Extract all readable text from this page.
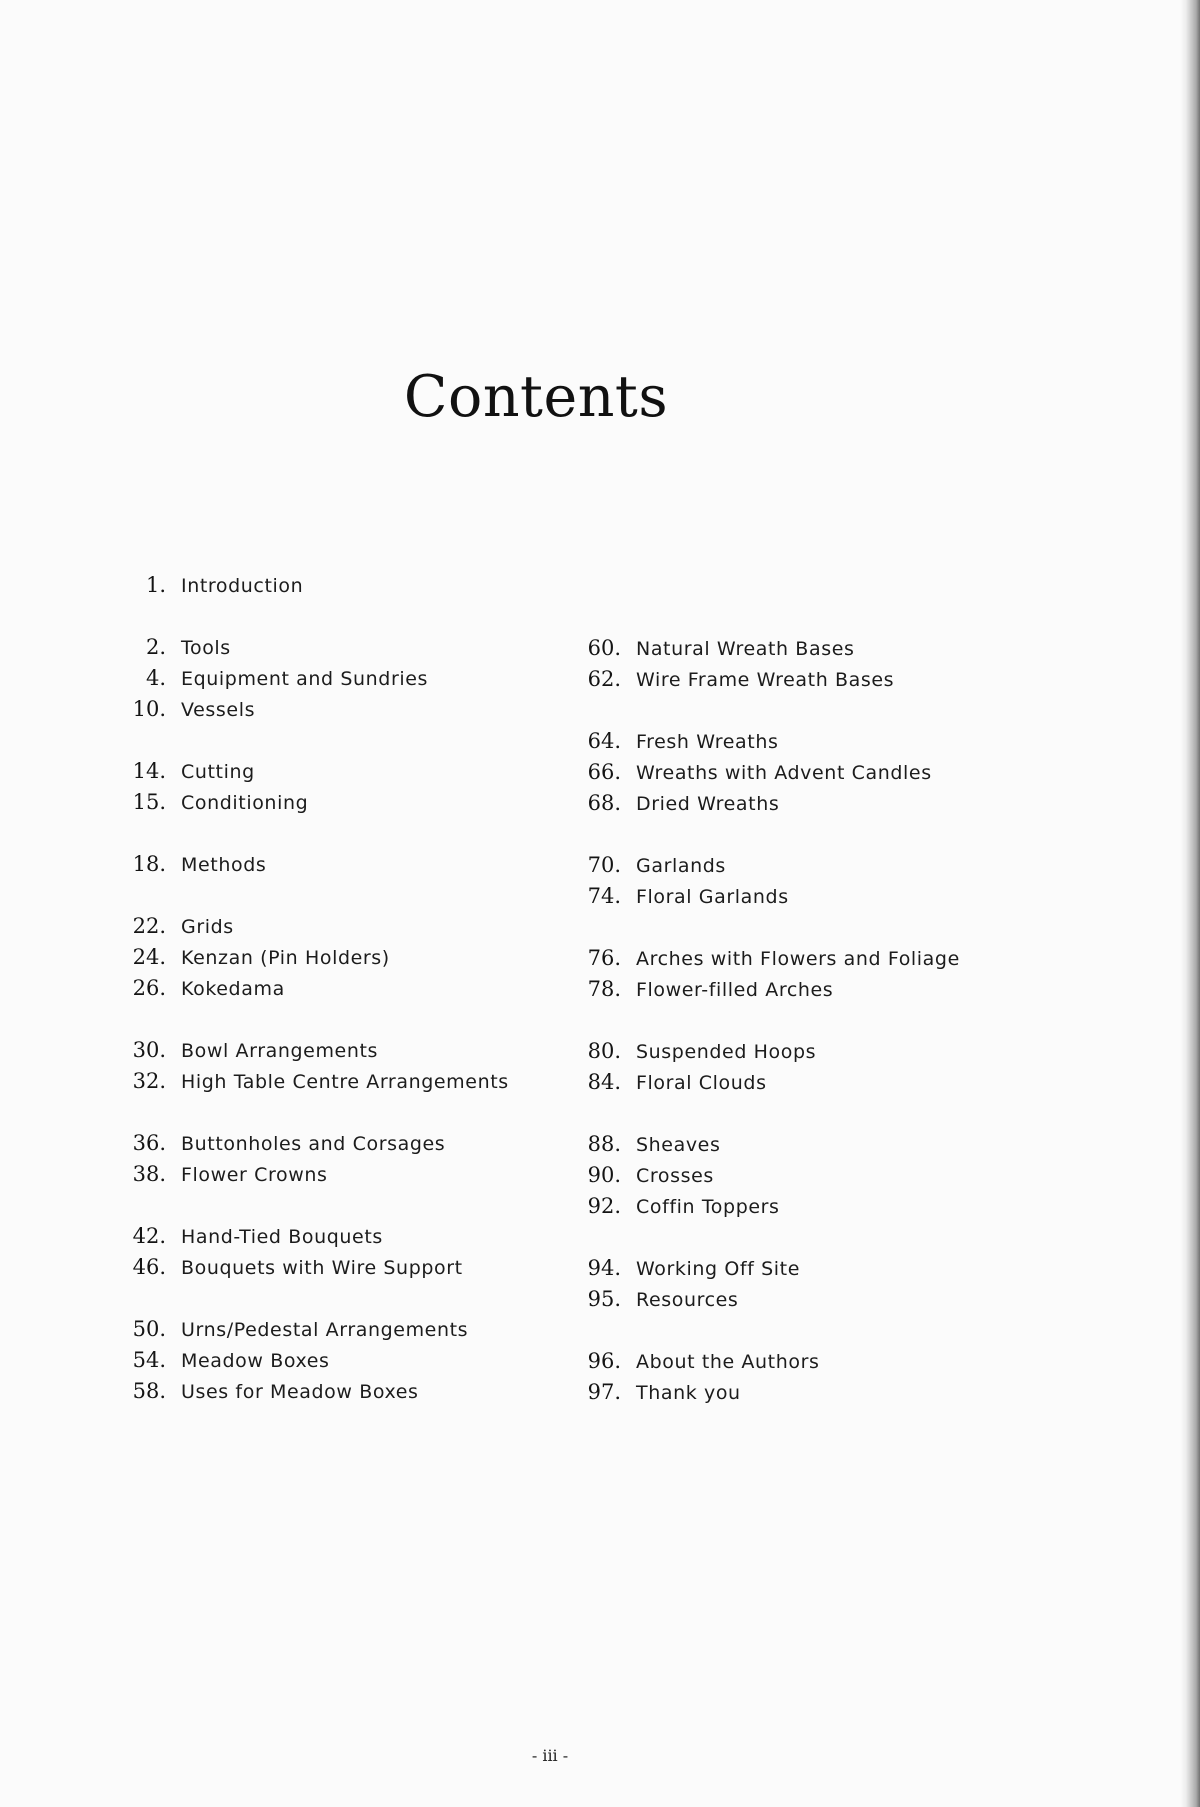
Contents
1. Introduction
2. Tools
4. Equipment and Sundries
10. Vessels
14. Cutting
15. Conditioning
18. Methods
22. Grids
24. Kenzan (Pin Holders)
26. Kokedama
30. Bowl Arrangements
32. High Table Centre Arrangements
36. Buttonholes and Corsages
38. Flower Crowns
42. Hand-Tied Bouquets
46. Bouquets with Wire Support
50. Urns/Pedestal Arrangements
54. Meadow Boxes
58. Uses for Meadow Boxes
60. Natural Wreath Bases
62. Wire Frame Wreath Bases
64. Fresh Wreaths
66. Wreaths with Advent Candles
68. Dried Wreaths
70. Garlands
74. Floral Garlands
76. Arches with Flowers and Foliage
78. Flower-filled Arches
80. Suspended Hoops
84. Floral Clouds
88. Sheaves
90. Crosses
92. Coffin Toppers
94. Working Off Site
95. Resources
96. About the Authors
97. Thank you
- iii -
